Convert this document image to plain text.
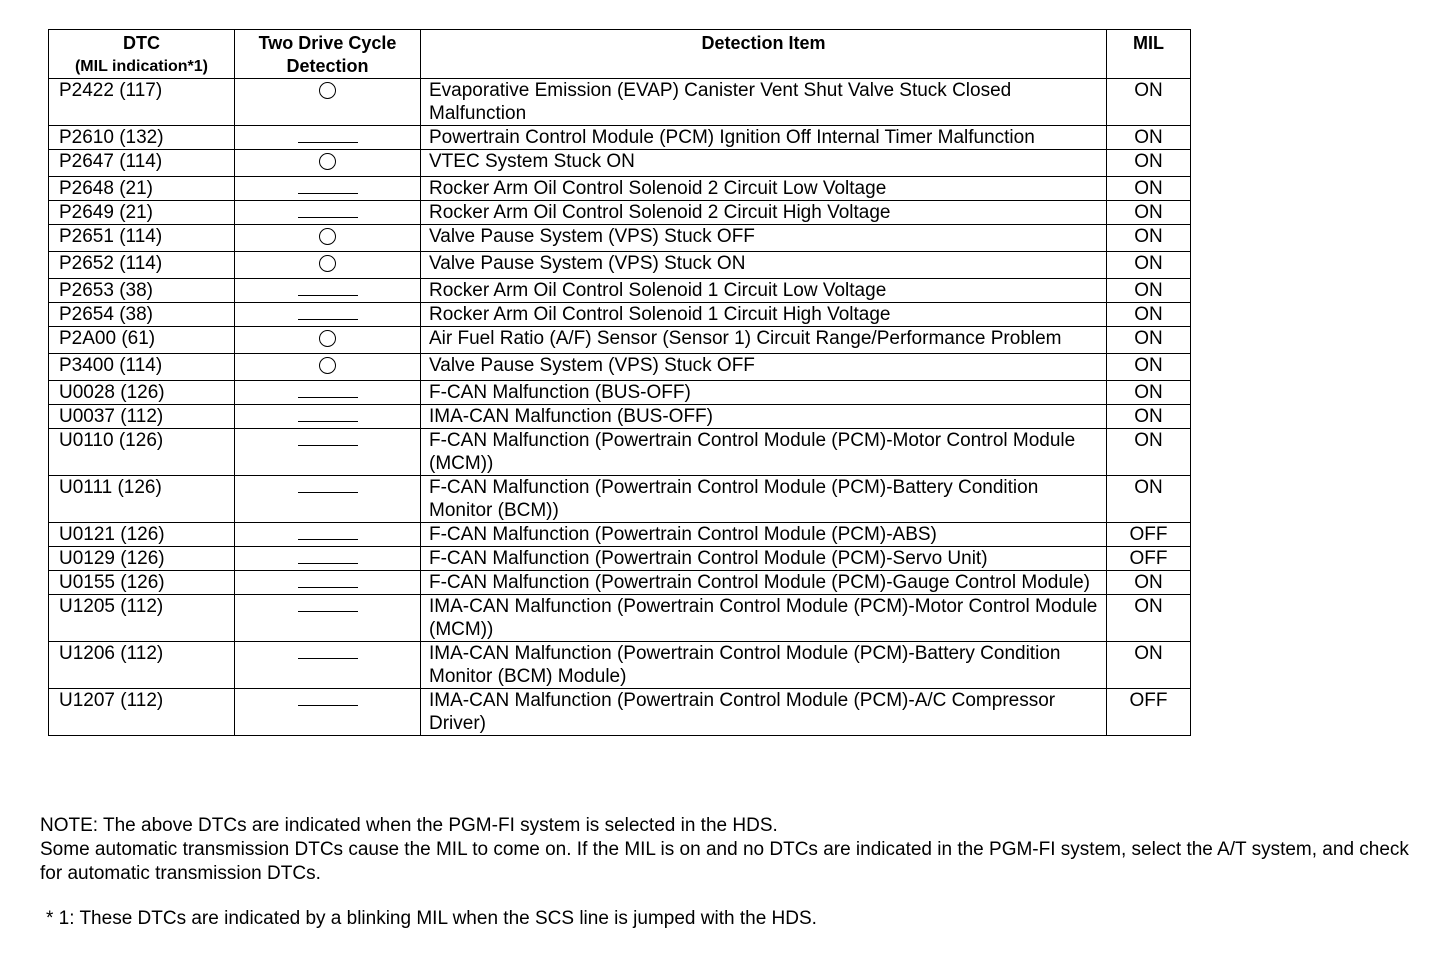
DTC
(MIL indication*1)	Two Drive Cycle Detection	Detection Item	MIL
P2422 (117)		Evaporative Emission (EVAP) Canister Vent Shut Valve Stuck Closed Malfunction	ON
P2610 (132)		Powertrain Control Module (PCM) Ignition Off Internal Timer Malfunction	ON
P2647 (114)		VTEC System Stuck ON	ON
P2648 (21)		Rocker Arm Oil Control Solenoid 2 Circuit Low Voltage	ON
P2649 (21)		Rocker Arm Oil Control Solenoid 2 Circuit High Voltage	ON
P2651 (114)		Valve Pause System (VPS) Stuck OFF	ON
P2652 (114)		Valve Pause System (VPS) Stuck ON	ON
P2653 (38)		Rocker Arm Oil Control Solenoid 1 Circuit Low Voltage	ON
P2654 (38)		Rocker Arm Oil Control Solenoid 1 Circuit High Voltage	ON
P2A00 (61)		Air Fuel Ratio (A/F) Sensor (Sensor 1) Circuit Range/Performance Problem	ON
P3400 (114)		Valve Pause System (VPS) Stuck OFF	ON
U0028 (126)		F-CAN Malfunction (BUS-OFF)	ON
U0037 (112)		IMA-CAN Malfunction (BUS-OFF)	ON
U0110 (126)		F-CAN Malfunction (Powertrain Control Module (PCM)-Motor Control Module (MCM))	ON
U0111 (126)		F-CAN Malfunction (Powertrain Control Module (PCM)-Battery Condition Monitor (BCM))	ON
U0121 (126)		F-CAN Malfunction (Powertrain Control Module (PCM)-ABS)	OFF
U0129 (126)		F-CAN Malfunction (Powertrain Control Module (PCM)-Servo Unit)	OFF
U0155 (126)		F-CAN Malfunction (Powertrain Control Module (PCM)-Gauge Control Module)	ON
U1205 (112)		IMA-CAN Malfunction (Powertrain Control Module (PCM)-Motor Control Module (MCM))	ON
U1206 (112)		IMA-CAN Malfunction (Powertrain Control Module (PCM)-Battery Condition Monitor (BCM) Module)	ON
U1207 (112)		IMA-CAN Malfunction (Powertrain Control Module (PCM)-A/C Compressor Driver)	OFF

NOTE: The above DTCs are indicated when the PGM-FI system is selected in the HDS.

Some automatic transmission DTCs cause the MIL to come on. If the MIL is on and no DTCs are indicated in the PGM-FI system, select the A/T system, and check for automatic transmission DTCs.

* 1: These DTCs are indicated by a blinking MIL when the SCS line is jumped with the HDS.
